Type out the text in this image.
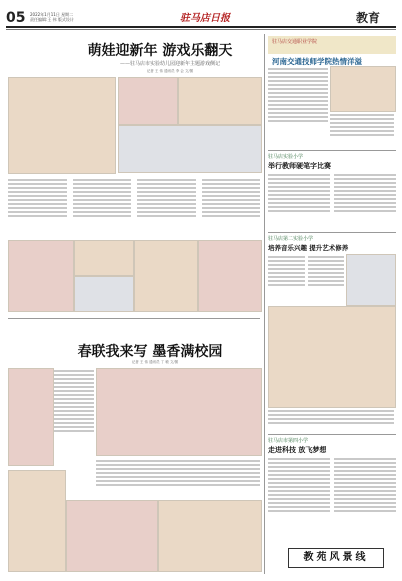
05 2022年1月11日 星期二
责任编辑:王 伟 版式设计	驻马店日报	教育
萌娃迎新年 游戏乐翻天
——驻马店市实验幼儿园迎新年主题游戏侧记
记者 王 伟 通讯员 李 会 文/图
春联我来写 墨香满校园
记者 王 伟 通讯员 丁 敏 文/图
驻马店交通职业学院
河南交通技师学院热情洋溢
驻马店实验小学
举行教师硬笔字比赛
驻马店第二实验小学
培养音乐兴趣 提升艺术修养
驻马店市第四小学
走进科技 放飞梦想
教苑风景线
